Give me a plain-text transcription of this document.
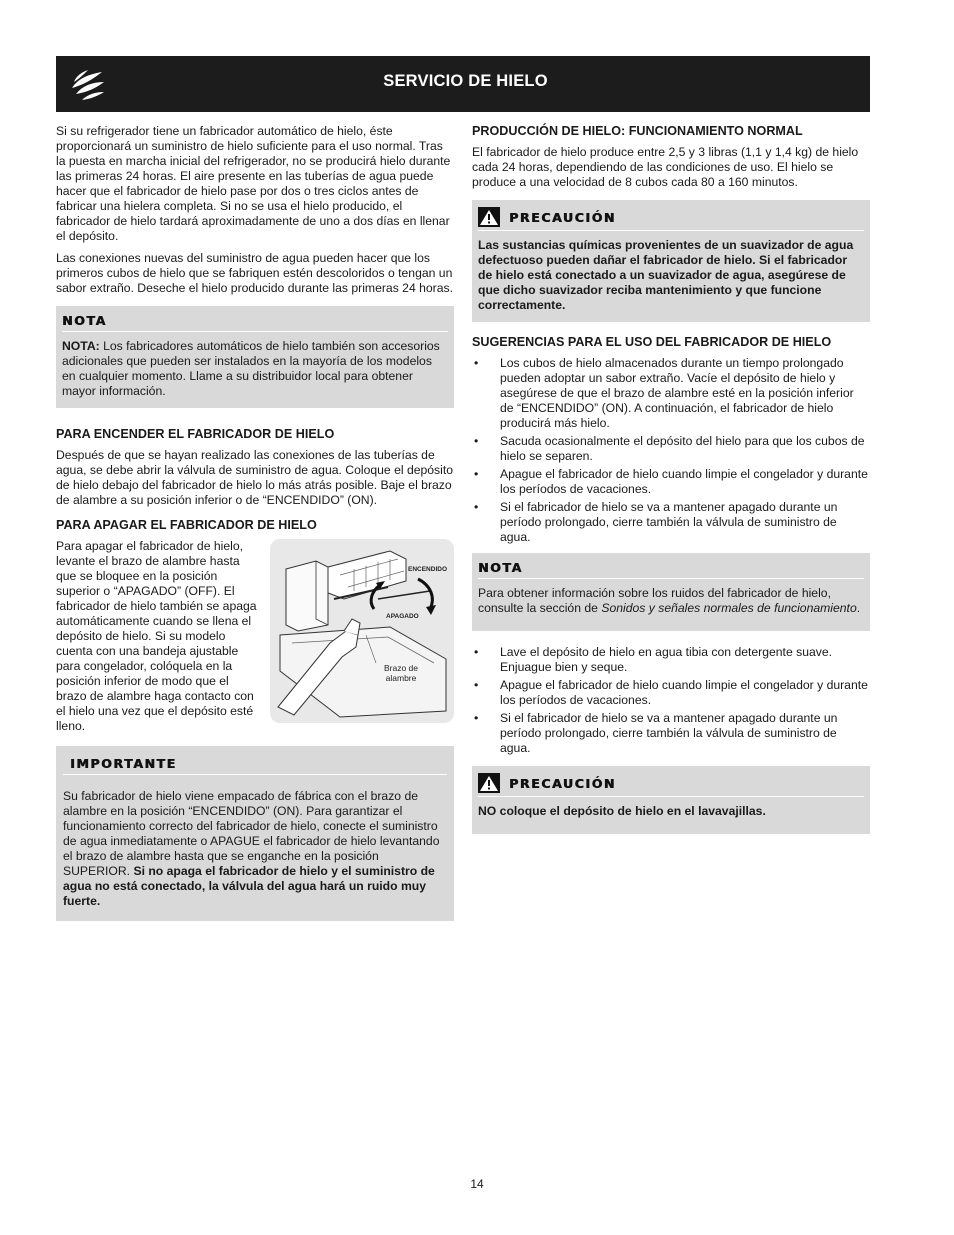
SERVICIO DE HIELO

Si su refrigerador tiene un fabricador automático de hielo, éste proporcionará un suministro de hielo suficiente para el uso normal. Tras la puesta en marcha inicial del refrigerador, no se producirá hielo durante las primeras 24 horas. El aire presente en las tuberías de agua puede hacer que el fabricador de hielo pase por dos o tres ciclos antes de fabricar una hielera completa. Si no se usa el hielo producido, el fabricador de hielo tardará aproximadamente de uno a dos días en llenar el depósito.

Las conexiones nuevas del suministro de agua pueden hacer que los primeros cubos de hielo que se fabriquen estén descoloridos o tengan un sabor extraño. Deseche el hielo producido durante las primeras 24 horas.

NOTA
NOTA: Los fabricadores automáticos de hielo también son accesorios adicionales que pueden ser instalados en la mayoría de los modelos en cualquier momento. Llame a su distribuidor local para obtener mayor información.
PARA ENCENDER EL FABRICADOR DE HIELO

Después de que se hayan realizado las conexiones de las tuberías de agua, se debe abrir la válvula de suministro de agua. Coloque el depósito de hielo debajo del fabricador de hielo lo más atrás posible. Baje el brazo de alambre a su posición inferior o de “ENCENDIDO” (ON).

PARA APAGAR EL FABRICADOR DE HIELO
Para apagar el fabricador de hielo, levante el brazo de alambre hasta que se bloquee en la posición superior o “APAGADO” (OFF). El fabricador de hielo también se apaga automáticamente cuando se llena el depósito de hielo. Si su modelo cuenta con una bandeja ajustable para congelador, colóquela en la posición inferior de modo que el brazo de alambre haga contacto con el hielo una vez que el depósito esté lleno.
ENCENDIDO
APAGADO
Brazo de alambre
IMPORTANTE
Su fabricador de hielo viene empacado de fábrica con el brazo de alambre en la posición “ENCENDIDO” (ON). Para garantizar el funcionamiento correcto del fabricador de hielo, conecte el suministro de agua inmediatamente o APAGUE el fabricador de hielo levantando el brazo de alambre hasta que se enganche en la posición SUPERIOR. Si no apaga el fabricador de hielo y el suministro de agua no está conectado, la válvula del agua hará un ruido muy fuerte.
PRODUCCIÓN DE HIELO: FUNCIONAMIENTO NORMAL

El fabricador de hielo produce entre 2,5 y 3 libras (1,1 y 1,4 kg) de hielo cada 24 horas, dependiendo de las condiciones de uso. El hielo se produce a una velocidad de 8 cubos cada 80 a 160 minutos.

PRECAUCIÓN
Las sustancias químicas provenientes de un suavizador de agua defectuoso pueden dañar el fabricador de hielo. Si el fabricador de hielo está conectado a un suavizador de agua, asegúrese de que dicho suavizador reciba mantenimiento y que funcione correctamente.
SUGERENCIAS PARA EL USO DEL FABRICADOR DE HIELO
• Los cubos de hielo almacenados durante un tiempo prolongado pueden adoptar un sabor extraño. Vacíe el depósito de hielo y asegúrese de que el brazo de alambre esté en la posición inferior de “ENCENDIDO” (ON). A continuación, el fabricador de hielo producirá más hielo.
• Sacuda ocasionalmente el depósito del hielo para que los cubos de hielo se separen.
• Apague el fabricador de hielo cuando limpie el congelador y durante los períodos de vacaciones.
• Si el fabricador de hielo se va a mantener apagado durante un período prolongado, cierre también la válvula de suministro de agua.
NOTA
Para obtener información sobre los ruidos del fabricador de hielo, consulte la sección de Sonidos y señales normales de funcionamiento.
• Lave el depósito de hielo en agua tibia con detergente suave. Enjuague bien y seque.
• Apague el fabricador de hielo cuando limpie el congelador y durante los períodos de vacaciones.
• Si el fabricador de hielo se va a mantener apagado durante un período prolongado, cierre también la válvula de suministro de agua.
PRECAUCIÓN
NO coloque el depósito de hielo en el lavavajillas.
14
